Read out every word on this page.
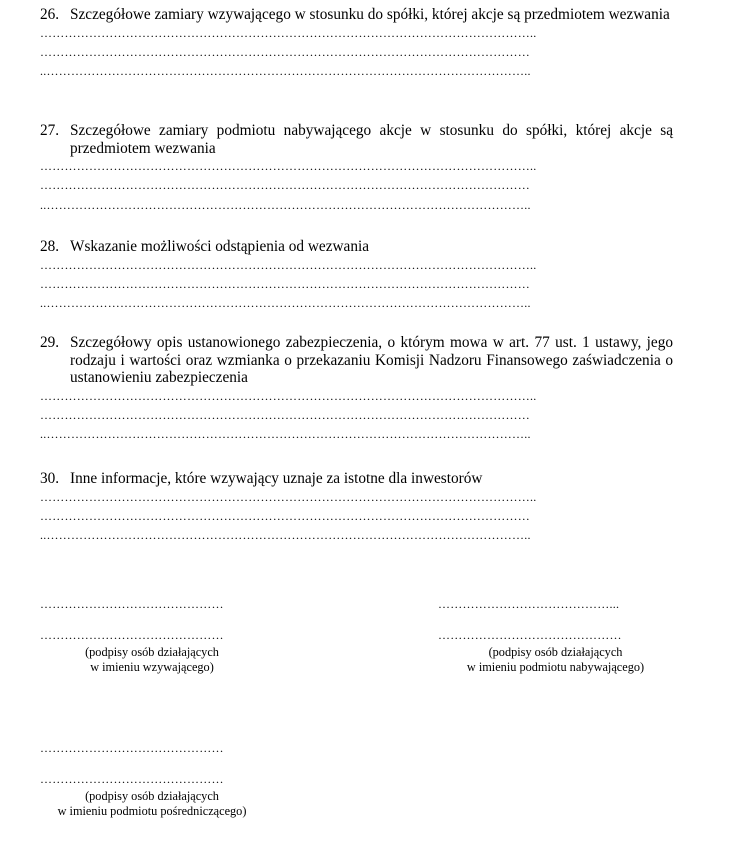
26. Szczegółowe zamiary wzywającego w stosunku do spółki, której akcje są przedmiotem wezwania
…………………………………………………………………………………………………………..
…………………………………………………………………………………………………………
..………………………………………………………………………………………………………..
27. Szczegółowe zamiary podmiotu nabywającego akcje w stosunku do spółki, której akcje są przedmiotem wezwania
…………………………………………………………………………………………………………..
…………………………………………………………………………………………………………
..………………………………………………………………………………………………………..
28. Wskazanie możliwości odstąpienia od wezwania
…………………………………………………………………………………………………………..
…………………………………………………………………………………………………………
..………………………………………………………………………………………………………..
29. Szczegółowy opis ustanowionego zabezpieczenia, o którym mowa w art. 77 ust. 1 ustawy, jego rodzaju i wartości oraz wzmianka o przekazaniu Komisji Nadzoru Finansowego zaświadczenia o ustanowieniu zabezpieczenia
…………………………………………………………………………………………………………..
…………………………………………………………………………………………………………
..………………………………………………………………………………………………………..
30. Inne informacje, które wzywający uznaje za istotne dla inwestorów
…………………………………………………………………………………………………………..
…………………………………………………………………………………………………………
..………………………………………………………………………………………………………..
………………………………………
………………………………………
(podpisy osób działających
w imieniu wzywającego)
……………………………………...
………………………………………
(podpisy osób działających
w imieniu podmiotu nabywającego)
………………………………………
………………………………………
(podpisy osób działających
w imieniu podmiotu pośredniczącego)
